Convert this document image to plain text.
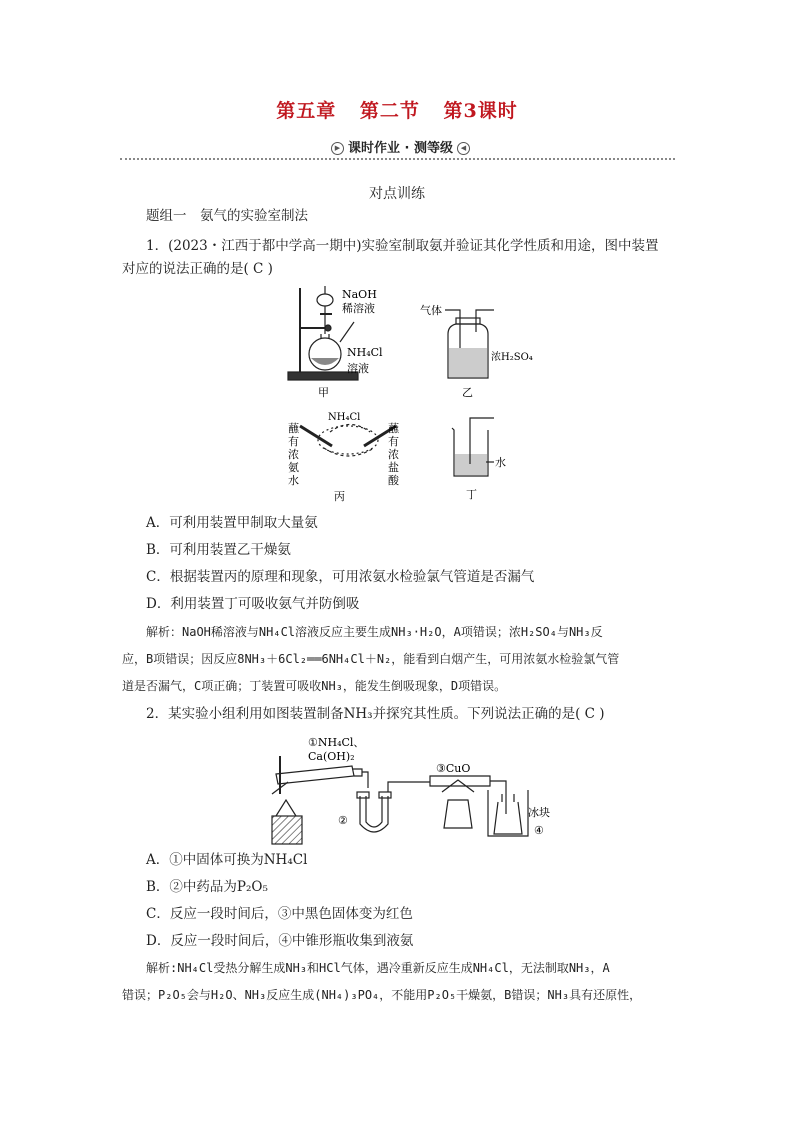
第五章 第二节 第3课时
▶ 课时作业 · 测等级 ◀
对点训练
题组一　氨气的实验室制法
1．(2023・江西于都中学高一期中)实验室制取氨并验证其化学性质和用途，图中装置
对应的说法正确的是( C )
NaOH
稀溶液
NH₄Cl
溶液
甲
气体
浓H₂SO₄
乙
NH₄Cl
蘸
有
浓
氨
水
蘸
有
浓
盐
酸
丙
水
丁
A．可利用装置甲制取大量氨
B．可利用装置乙干燥氨
C．根据装置丙的原理和现象，可用浓氨水检验氯气管道是否漏气
D．利用装置丁可吸收氨气并防倒吸
解析：NaOH稀溶液与NH₄Cl溶液反应主要生成NH₃·H₂O，A项错误；浓H₂SO₄与NH₃反
应，B项错误；因反应8NH₃＋6Cl₂══6NH₄Cl＋N₂，能看到白烟产生，可用浓氨水检验氯气管
道是否漏气，C项正确；丁装置可吸收NH₃，能发生倒吸现象，D项错误。
2．某实验小组利用如图装置制备NH₃并探究其性质。下列说法正确的是( C )
①NH₄Cl、
Ca(OH)₂
②
③CuO
冰块
④
A．①中固体可换为NH₄Cl
B．②中药品为P₂O₅
C．反应一段时间后，③中黑色固体变为红色
D．反应一段时间后，④中锥形瓶收集到液氨
解析:NH₄Cl受热分解生成NH₃和HCl气体，遇冷重新反应生成NH₄Cl，无法制取NH₃，A
错误；P₂O₅会与H₂O、NH₃反应生成(NH₄)₃PO₄，不能用P₂O₅干燥氨，B错误；NH₃具有还原性，
